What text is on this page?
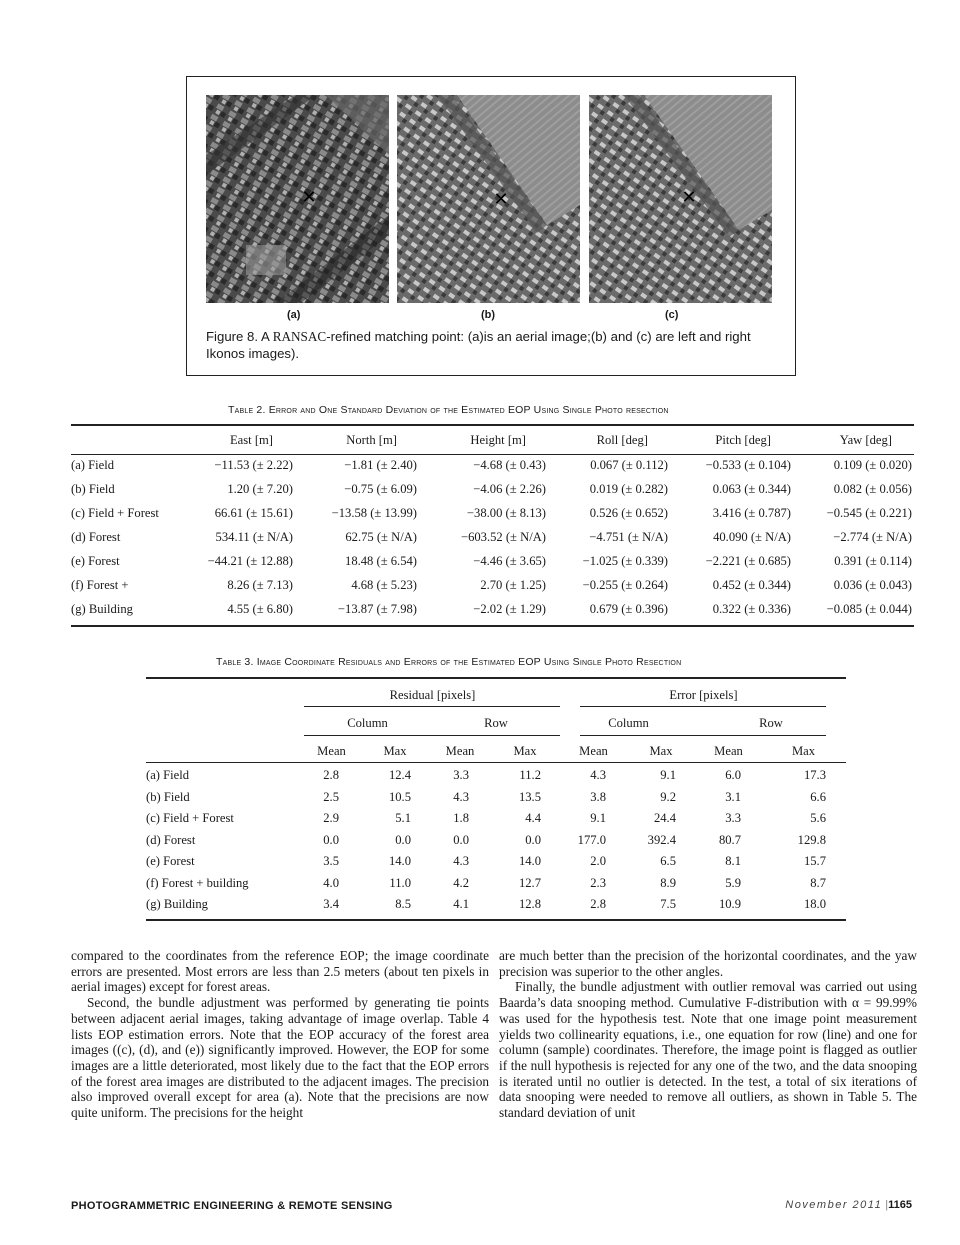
✕	✕	✕
(a)	(b)	(c)
Figure 8. A RANSAC-refined matching point: (a)is an aerial image;(b) and (c) are left and right Ikonos images).
Table 2. Error and One Standard Deviation of the Estimated EOP Using Single Photo resection
	East [m]	North [m]	Height [m]	Roll [deg]	Pitch [deg]	Yaw [deg]
(a) Field	−11.53 (± 2.22)	−1.81 (± 2.40)	−4.68 (± 0.43)	0.067 (± 0.112)	−0.533 (± 0.104)	0.109 (± 0.020)
(b) Field	1.20 (± 7.20)	−0.75 (± 6.09)	−4.06 (± 2.26)	0.019 (± 0.282)	0.063 (± 0.344)	0.082 (± 0.056)
(c) Field + Forest	66.61 (± 15.61)	−13.58 (± 13.99)	−38.00 (± 8.13)	0.526 (± 0.652)	3.416 (± 0.787)	−0.545 (± 0.221)
(d) Forest	534.11 (± N/A)	62.75 (± N/A)	−603.52 (± N/A)	−4.751 (± N/A)	40.090 (± N/A)	−2.774 (± N/A)
(e) Forest	−44.21 (± 12.88)	18.48 (± 6.54)	−4.46 (± 3.65)	−1.025 (± 0.339)	−2.221 (± 0.685)	0.391 (± 0.114)
(f) Forest +	8.26 (± 7.13)	4.68 (± 5.23)	2.70 (± 1.25)	−0.255 (± 0.264)	0.452 (± 0.344)	0.036 (± 0.043)
(g) Building	4.55 (± 6.80)	−13.87 (± 7.98)	−2.02 (± 1.29)	0.679 (± 0.396)	0.322 (± 0.336)	−0.085 (± 0.044)
Table 3. Image Coordinate Residuals and Errors of the Estimated EOP Using Single Photo Resection
	Residual [pixels]				Error [pixels]			
	Column		Row		Column		Row	
	Mean	Max	Mean	Max	Mean	Max	Mean	Max
(a) Field	2.8	12.4	3.3	11.2	4.3	9.1	6.0	17.3
(b) Field	2.5	10.5	4.3	13.5	3.8	9.2	3.1	6.6
(c) Field + Forest	2.9	5.1	1.8	4.4	9.1	24.4	3.3	5.6
(d) Forest	0.0	0.0	0.0	0.0	177.0	392.4	80.7	129.8
(e) Forest	3.5	14.0	4.3	14.0	2.0	6.5	8.1	15.7
(f) Forest + building	4.0	11.0	4.2	12.7	2.3	8.9	5.9	8.7
(g) Building	3.4	8.5	4.1	12.8	2.8	7.5	10.9	18.0

compared to the coordinates from the reference EOP; the image coordinate errors are presented. Most errors are less than 2.5 meters (about ten pixels in aerial images) except for forest areas.

Second, the bundle adjustment was performed by generating tie points between adjacent aerial images, taking advantage of image overlap. Table 4 lists EOP estimation errors. Note that the EOP accuracy of the forest area images ((c), (d), and (e)) significantly improved. However, the EOP for some images are a little deteriorated, most likely due to the fact that the EOP errors of the forest area images are distributed to the adjacent images. The precision also improved overall except for area (a). Note that the precisions are now quite uniform. The precisions for the height

are much better than the precision of the horizontal coordinates, and the yaw precision was superior to the other angles.

Finally, the bundle adjustment with outlier removal was carried out using Baarda’s data snooping method. Cumulative F-distribution with α = 99.99% was used for the hypothesis test. Note that one image point measurement yields two collinearity equations, i.e., one equation for row (line) and one for column (sample) coordinates. Therefore, the image point is flagged as outlier if the null hypothesis is rejected for any one of the two, and the data snooping is iterated until no outlier is detected. In the test, a total of six iterations of data snooping were needed to remove all outliers, as shown in Table 5. The standard deviation of unit

PHOTOGRAMMETRIC ENGINEERING & REMOTE SENSING	November 2011 |1165
